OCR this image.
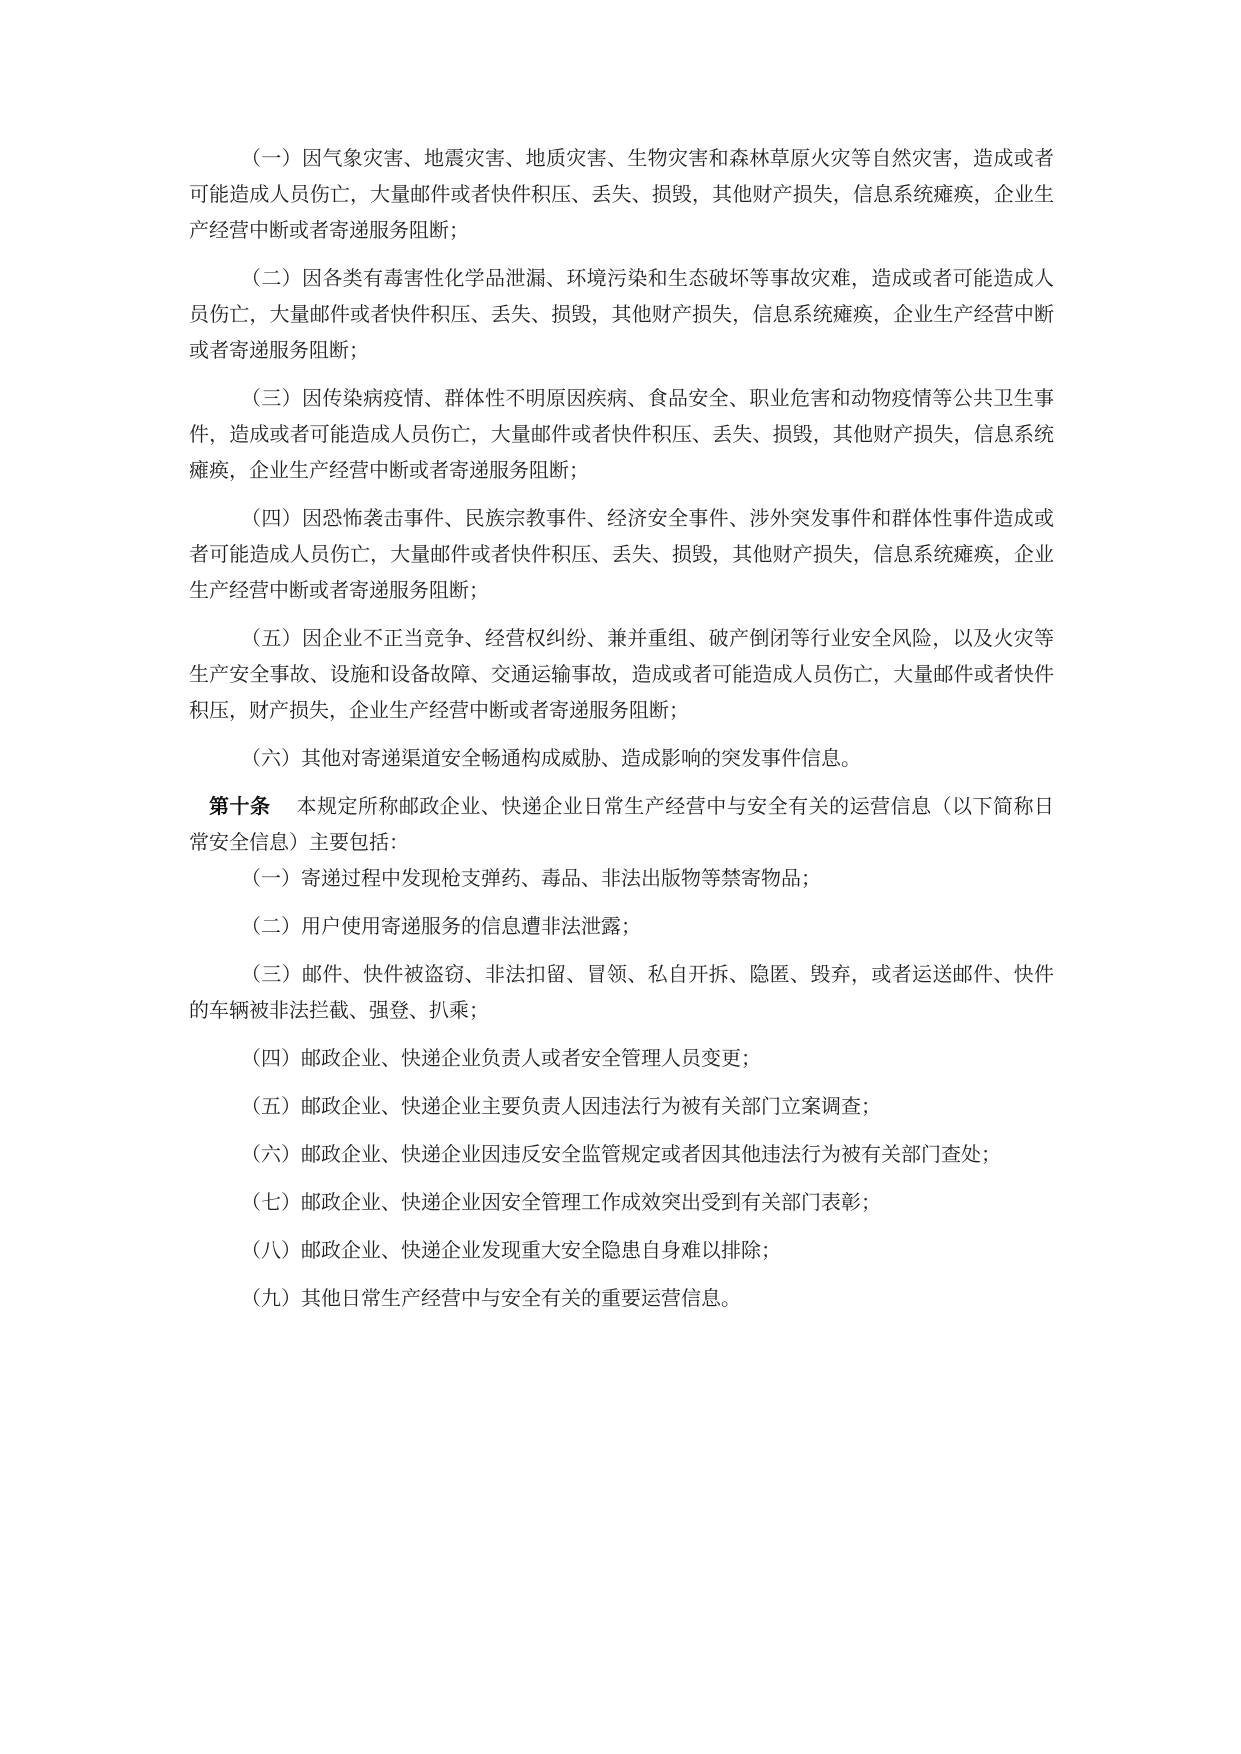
（一）因气象灾害、地震灾害、地质灾害、生物灾害和森林草原火灾等自然灾害，造成或者可能造成人员伤亡，大量邮件或者快件积压、丢失、损毁，其他财产损失，信息系统瘫痪，企业生产经营中断或者寄递服务阻断；

（二）因各类有毒害性化学品泄漏、环境污染和生态破坏等事故灾难，造成或者可能造成人员伤亡，大量邮件或者快件积压、丢失、损毁，其他财产损失，信息系统瘫痪，企业生产经营中断或者寄递服务阻断；

（三）因传染病疫情、群体性不明原因疾病、食品安全、职业危害和动物疫情等公共卫生事件，造成或者可能造成人员伤亡，大量邮件或者快件积压、丢失、损毁，其他财产损失，信息系统瘫痪，企业生产经营中断或者寄递服务阻断；

（四）因恐怖袭击事件、民族宗教事件、经济安全事件、涉外突发事件和群体性事件造成或者可能造成人员伤亡，大量邮件或者快件积压、丢失、损毁，其他财产损失，信息系统瘫痪，企业生产经营中断或者寄递服务阻断；

（五）因企业不正当竞争、经营权纠纷、兼并重组、破产倒闭等行业安全风险，以及火灾等生产安全事故、设施和设备故障、交通运输事故，造成或者可能造成人员伤亡，大量邮件或者快件积压，财产损失，企业生产经营中断或者寄递服务阻断；

（六）其他对寄递渠道安全畅通构成威胁、造成影响的突发事件信息。

第十条 本规定所称邮政企业、快递企业日常生产经营中与安全有关的运营信息（以下简称日常安全信息）主要包括：

（一）寄递过程中发现枪支弹药、毒品、非法出版物等禁寄物品；

（二）用户使用寄递服务的信息遭非法泄露；

（三）邮件、快件被盗窃、非法扣留、冒领、私自开拆、隐匿、毁弃，或者运送邮件、快件的车辆被非法拦截、强登、扒乘；

（四）邮政企业、快递企业负责人或者安全管理人员变更；

（五）邮政企业、快递企业主要负责人因违法行为被有关部门立案调查；

（六）邮政企业、快递企业因违反安全监管规定或者因其他违法行为被有关部门查处；

（七）邮政企业、快递企业因安全管理工作成效突出受到有关部门表彰；

（八）邮政企业、快递企业发现重大安全隐患自身难以排除；

（九）其他日常生产经营中与安全有关的重要运营信息。
